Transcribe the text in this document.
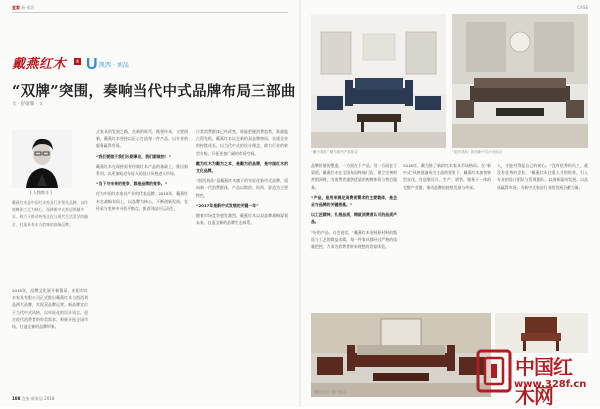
宜家 新·家居
戴燕红木	® U 凯西 · 刘品
“双牌”突围，奏响当代中式品牌布局三部曲
文 · 舒敏馨 · 文
[ 人物简介 ]

戴燕红木是中国红木家具行业领先品牌，以传统榫卯工艺为核心，深耕新中式家居领域多年，致力于推动传统文化与现代生活美学的融合，打造具有东方韵味的高端品牌。

2018年，品牌文化展开新篇章，东阳市红木家具有限公司正式推出戴燕红木与凯西刘品两大品牌，实现双品牌运营。新品牌定位于当代中式风格，以年轻化的设计语言，迎合现代消费者的审美需求，积极开拓全国市场，打造全新的品牌形象。

式家具的发展之路，在新的时代，既要传承，又要创新。戴燕红木坚持以匠心打造每一件产品，以专业的服务赢得市场。
“我们要做于我们长期事业，我们都做的！”
戴燕红木在保持原有经典红木产品的基础上，推出新系列，以更加贴近年轻人的设计风格进入市场。
“当下与未来的竞争，都是品牌的竞争。”
作为中国红木家具产业的代表品牌，2018年，戴燕红木在战略布局上，以品牌为核心，不断创新发展，在传承与变革中寻找平衡点，凯西刘品应运而生。
日常消费群体已经改变，谁能把握消费趋势，谁就能占得先机。戴燕红木以全新的双品牌格局，实现企业的持续成长，以当代中式的设计理念，助力行业的转型升级，开拓更加广阔的市场空间。
戴为红木为戴为之本，是戴为的品牌，是中国红木的文化品牌。
“凯西刘品”是戴燕红木旗下的年轻化新中式品牌，面向新一代消费群体，产品以简约、时尚、舒适为主要特色。
“2017年是新中式发展的关键一年”
随着市场竞争愈发激烈，戴燕红木以双品牌战略谋划未来，打造全新的品牌生态体系。
108 宜家·新家居 2018
CASE
“戴为刘品” 戴为系列产品组合	“凯西刘品” 凯西新中式沙发组合
品牌价值的塑造，一方面在于产品，另一方面在于渠道。戴燕红木在全国布局终端门店，建立完善的营销网络，为消费者提供优质的购物体验与售后服务。
“产品，是用来满足消费者需求的主要载体，是企业与品牌的关键根基。”
以工匠精神，扎根品质，铸就消费者认可的品质产品。
“好的产品，自会说话。”戴燕红木坚持原材料的甄选与工艺的精益求精，每一件家具都经过严格的质量把控，力求为消费者带来理想的居家体验。

2018年，戴为推了新的红木家具市场格局。在“新中式”风格逐渐成为主流的背景下，戴燕红木加快转型步伐，打造集设计、生产、销售、服务于一体的完整产业链，推动品牌的持续发展与传承。

入，才能对得起自己的初心。“没有优秀的员工，就没有优秀的企业。”戴燕红木注重人才的培养，引入专业的设计团队与管理团队，以创新驱动发展，以品质赢得市场，为新中式家居行业的发展贡献力量。

“戴为红木” 客厅组合
中国红木网
www.328f.cn
